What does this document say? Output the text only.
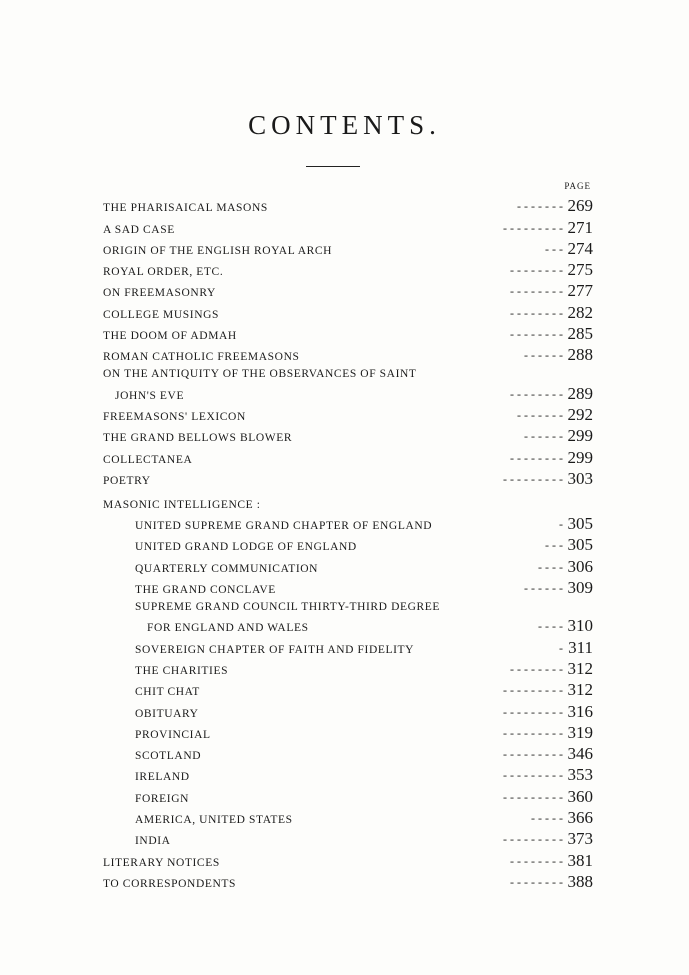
CONTENTS.
PAGE
THE PHARISAICAL MASONS	- - - - - - - 269
A SAD CASE	- - - - - - - - - 271
ORIGIN OF THE ENGLISH ROYAL ARCH	- - - 274
ROYAL ORDER, ETC.	- - - - - - - - 275
ON FREEMASONRY	- - - - - - - - 277
COLLEGE MUSINGS	- - - - - - - - 282
THE DOOM OF ADMAH	- - - - - - - - 285
ROMAN CATHOLIC FREEMASONS	- - - - - - 288
ON THE ANTIQUITY OF THE OBSERVANCES OF SAINT
JOHN'S EVE	- - - - - - - - 289
FREEMASONS' LEXICON	- - - - - - - 292
THE GRAND BELLOWS BLOWER	- - - - - - 299
COLLECTANEA	- - - - - - - - 299
POETRY	- - - - - - - - - 303
MASONIC INTELLIGENCE :
UNITED SUPREME GRAND CHAPTER OF ENGLAND	- 305
UNITED GRAND LODGE OF ENGLAND	- - - 305
QUARTERLY COMMUNICATION	- - - - 306
THE GRAND CONCLAVE	- - - - - - 309
SUPREME GRAND COUNCIL THIRTY-THIRD DEGREE
FOR ENGLAND AND WALES	- - - - 310
SOVEREIGN CHAPTER OF FAITH AND FIDELITY	- 311
THE CHARITIES	- - - - - - - - 312
CHIT CHAT	- - - - - - - - - 312
OBITUARY	- - - - - - - - - 316
PROVINCIAL	- - - - - - - - - 319
SCOTLAND	- - - - - - - - - 346
IRELAND	- - - - - - - - - 353
FOREIGN	- - - - - - - - - 360
AMERICA, UNITED STATES	- - - - - 366
INDIA	- - - - - - - - - 373
LITERARY NOTICES	- - - - - - - - 381
TO CORRESPONDENTS	- - - - - - - - 388
